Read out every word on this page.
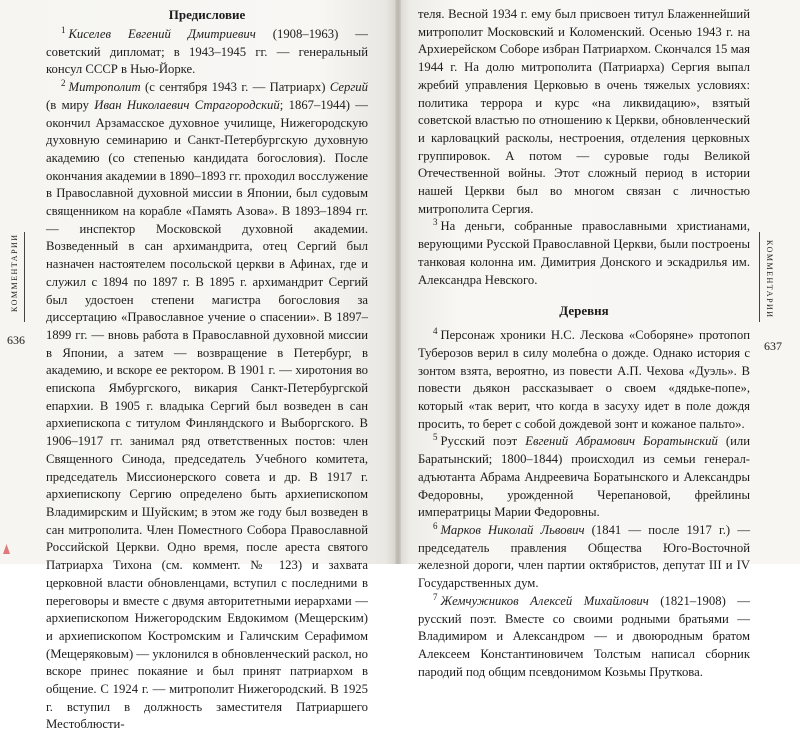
КОММЕНТАРИИ
636
Предисловие

$^1$ Киселев Евгений Дмитриевич (1908–1963) — советский дипломат; в 1943–1945 гг. — генеральный консул СССР в Нью-Йорке.

$^2$ Митрополит (с сентября 1943 г. — Патриарх) Сергий (в миру Иван Николаевич Страгородский; 1867–1944) — окончил Арзамасское духовное училище, Нижегородскую духовную семинарию и Санкт-Петербургскую духовную академию (со степенью кандидата богословия). После окончания академии в 1890–1893 гг. проходил восслужение в Православной духовной миссии в Японии, был судовым священником на корабле «Память Азова». В 1893–1894 гг. — инспектор Московской духовной академии. Возведенный в сан архимандрита, отец Сергий был назначен настоятелем посольской церкви в Афинах, где и служил с 1894 по 1897 г. В 1895 г. архимандрит Сергий был удостоен степени магистра богословия за диссертацию «Православное учение о спасении». В 1897–1899 гг. — вновь работа в Православной духовной миссии в Японии, а затем — возвращение в Петербург, в академию, и вскоре ее ректором. В 1901 г. — хиротония во епископа Ямбургского, викария Санкт-Петербургской епархии. В 1905 г. владыка Сергий был возведен в сан архиепископа с титулом Финляндского и Выборгского. В 1906–1917 гг. занимал ряд ответственных постов: член Священного Синода, председатель Учебного комитета, председатель Миссионерского совета и др. В 1917 г. архиепископу Сергию определено быть архиепископом Владимирским и Шуйским; в этом же году был возведен в сан митрополита. Член Поместного Собора Православной Российской Церкви. Одно время, после ареста святого Патриарха Тихона (см. коммент. № 123) и захвата церковной власти обновленцами, вступил с последними в переговоры и вместе с двумя авторитетными иерархами — архиепископом Нижегородским Евдокимом (Мещерским) и архиепископом Костромским и Галичским Серафимом (Мещеряковым) — уклонился в обновленческий раскол, но вскоре принес покаяние и был принят патриархом в общение. С 1924 г. — митрополит Нижегородский. В 1925 г. вступил в должность заместителя Патриаршего Местоблюсти-

КОММЕНТАРИИ
637

теля. Весной 1934 г. ему был присвоен титул Блаженнейший митрополит Московский и Коломенский. Осенью 1943 г. на Архиерейском Соборе избран Патриархом. Скончался 15 мая 1944 г. На долю митрополита (Патриарха) Сергия выпал жребий управления Церковью в очень тяжелых условиях: политика террора и курс «на ликвидацию», взятый советской властью по отношению к Церкви, обновленческий и карловацкий расколы, нестроения, отделения церковных группировок. А потом — суровые годы Великой Отечественной войны. Этот сложный период в истории нашей Церкви был во многом связан с личностью митрополита Сергия.

$^3$ На деньги, собранные православными христианами, верующими Русской Православной Церкви, были построены танковая колонна им. Димитрия Донского и эскадрилья им. Александра Невского.

Деревня

$^4$ Персонаж хроники Н.С. Лескова «Соборяне» протопоп Туберозов верил в силу молебна о дожде. Однако история с зонтом взята, вероятно, из повести А.П. Чехова «Дуэль». В повести дьякон рассказывает о своем «дядьке-попе», который «так верит, что когда в засуху идет в поле дождя просить, то берет с собой дождевой зонт и кожаное пальто».

$^5$ Русский поэт Евгений Абрамович Боратынский (или Баратынский; 1800–1844) происходил из семьи генерал-адъютанта Абрама Андреевича Боратынского и Александры Федоровны, урожденной Черепановой, фрейлины императрицы Марии Федоровны.

$^6$ Марков Николай Львович (1841 — после 1917 г.) — председатель правления Общества Юго-Восточной железной дороги, член партии октябристов, депутат III и IV Государственных дум.

$^7$ Жемчужников Алексей Михайлович (1821–1908) — русский поэт. Вместе со своими родными братьями — Владимиром и Александром — и двоюродным братом Алексеем Константиновичем Толстым написал сборник пародий под общим псевдонимом Козьмы Пруткова.
